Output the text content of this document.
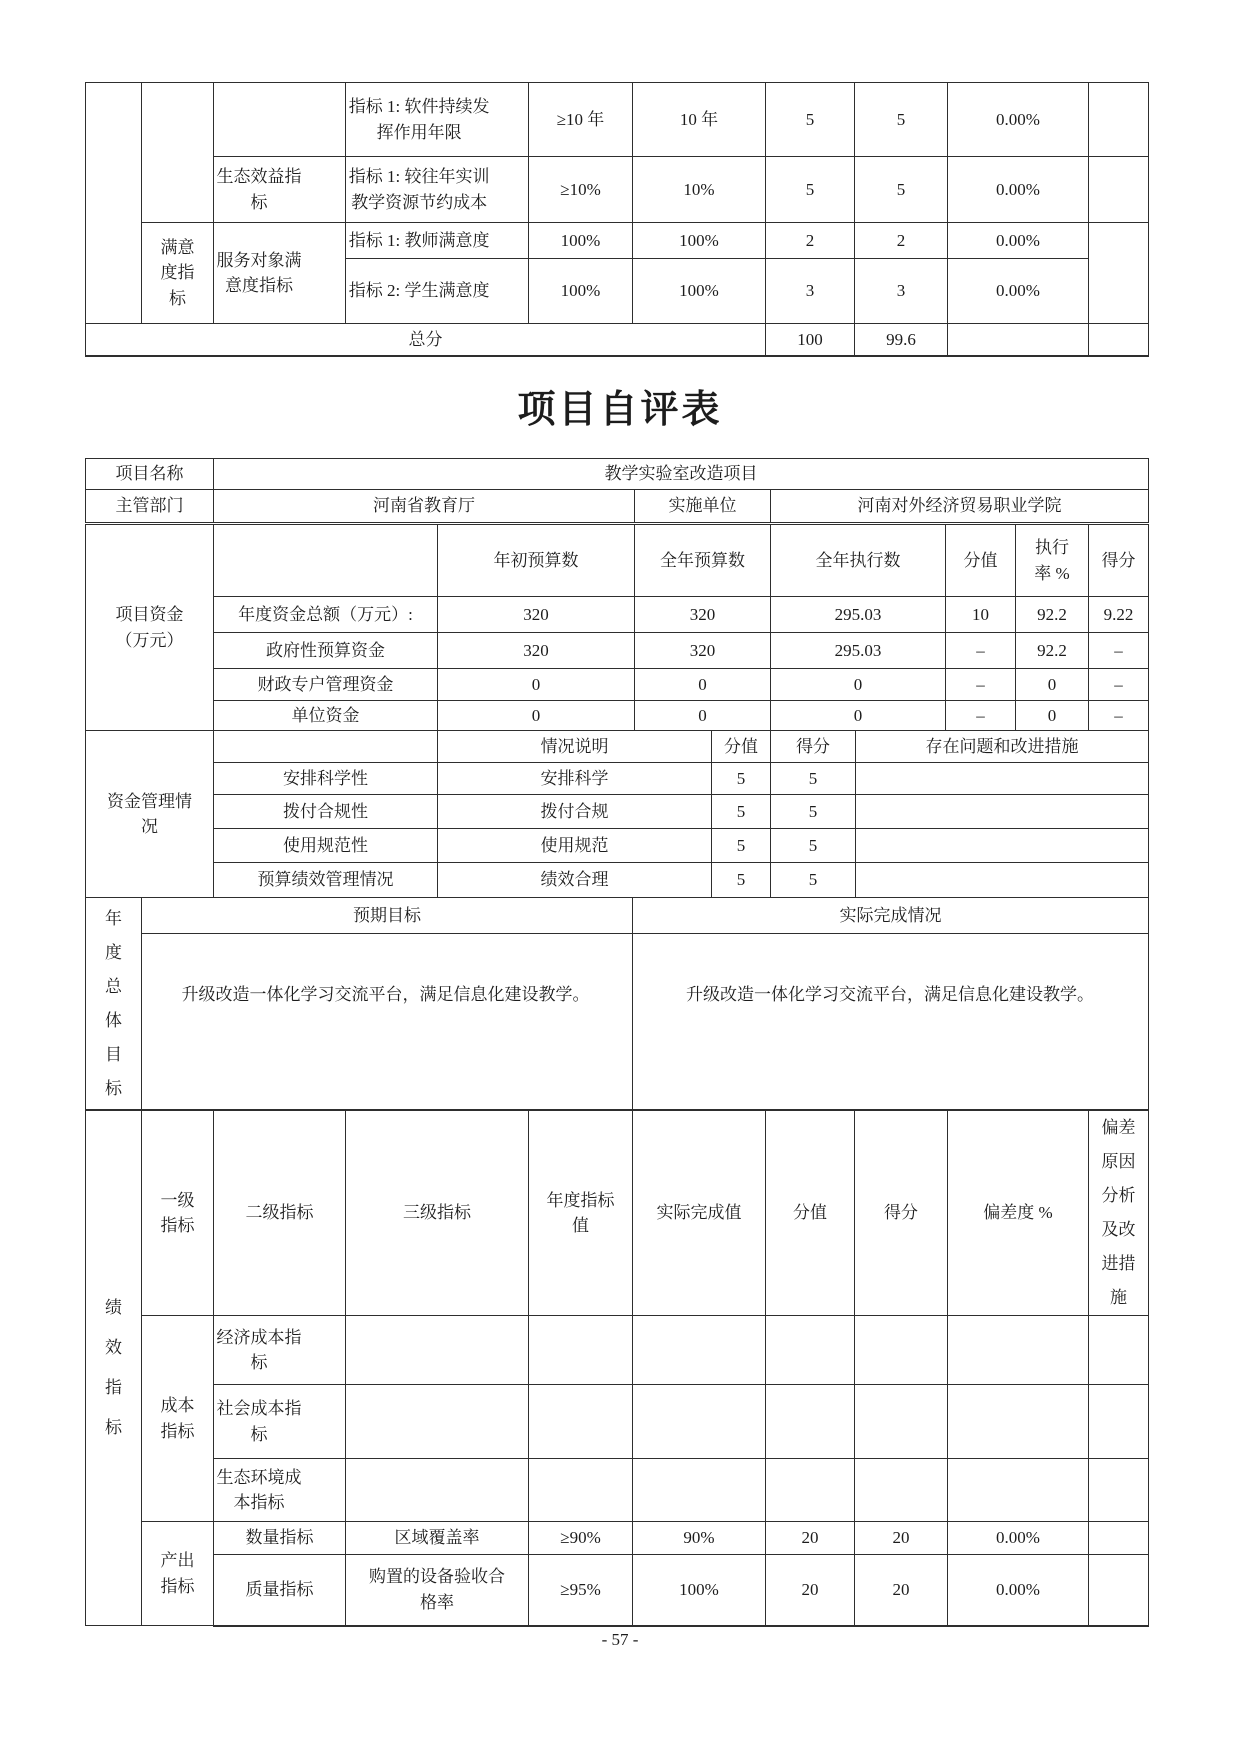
			指标 1: 软件持续发挥作用年限	≥10 年	10 年	5	5	0.00%	

		生态效益指标	指标 1: 较往年实训教学资源节约成本	≥10%	10%	5	5	0.00%	

	满意度指标	服务对象满意度指标	指标 1: 教师满意度	100%	100%	2	2	0.00%	

			指标 2: 学生满意度	100%	100%	3	3	0.00%	
总分						100	99.6		
项目自评表
项目名称	教学实验室改造项目		
主管部门	河南省教育厅	实施单位	河南对外经济贸易职业学院
项目资金（万元）		年初预算数	全年预算数	全年执行数	分值	执行率 %	得分
	年度资金总额（万元）:	320	320	295.03	10	92.2	9.22
	政府性预算资金	320	320	295.03	–	92.2	–
	财政专户管理资金	0	0	0	–	0	–
	单位资金	0	0	0	–	0	–
资金管理情况		情况说明	分值	得分	存在问题和改进措施
	安排科学性	安排科学	5	5	
	拨付合规性	拨付合规	5	5	
	使用规范性	使用规范	5	5	
	预算绩效管理情况	绩效合理	5	5	
年度总体目标	预期目标	实际完成情况
	升级改造一体化学习交流平台，满足信息化建设教学。	升级改造一体化学习交流平台，满足信息化建设教学。
绩效指标	一级指标	二级指标	三级指标	年度指标值	实际完成值	分值	得分	偏差度 %	偏差原因分析及改进措施

	成本指标	经济成本指标							

		社会成本指标							

		生态环境成本指标							

	产出指标	数量指标	区域覆盖率	≥90%	90%	20	20	0.00%	
		质量指标	购置的设备验收合格率	≥95%	100%	20	20	0.00%	
- 57 -
